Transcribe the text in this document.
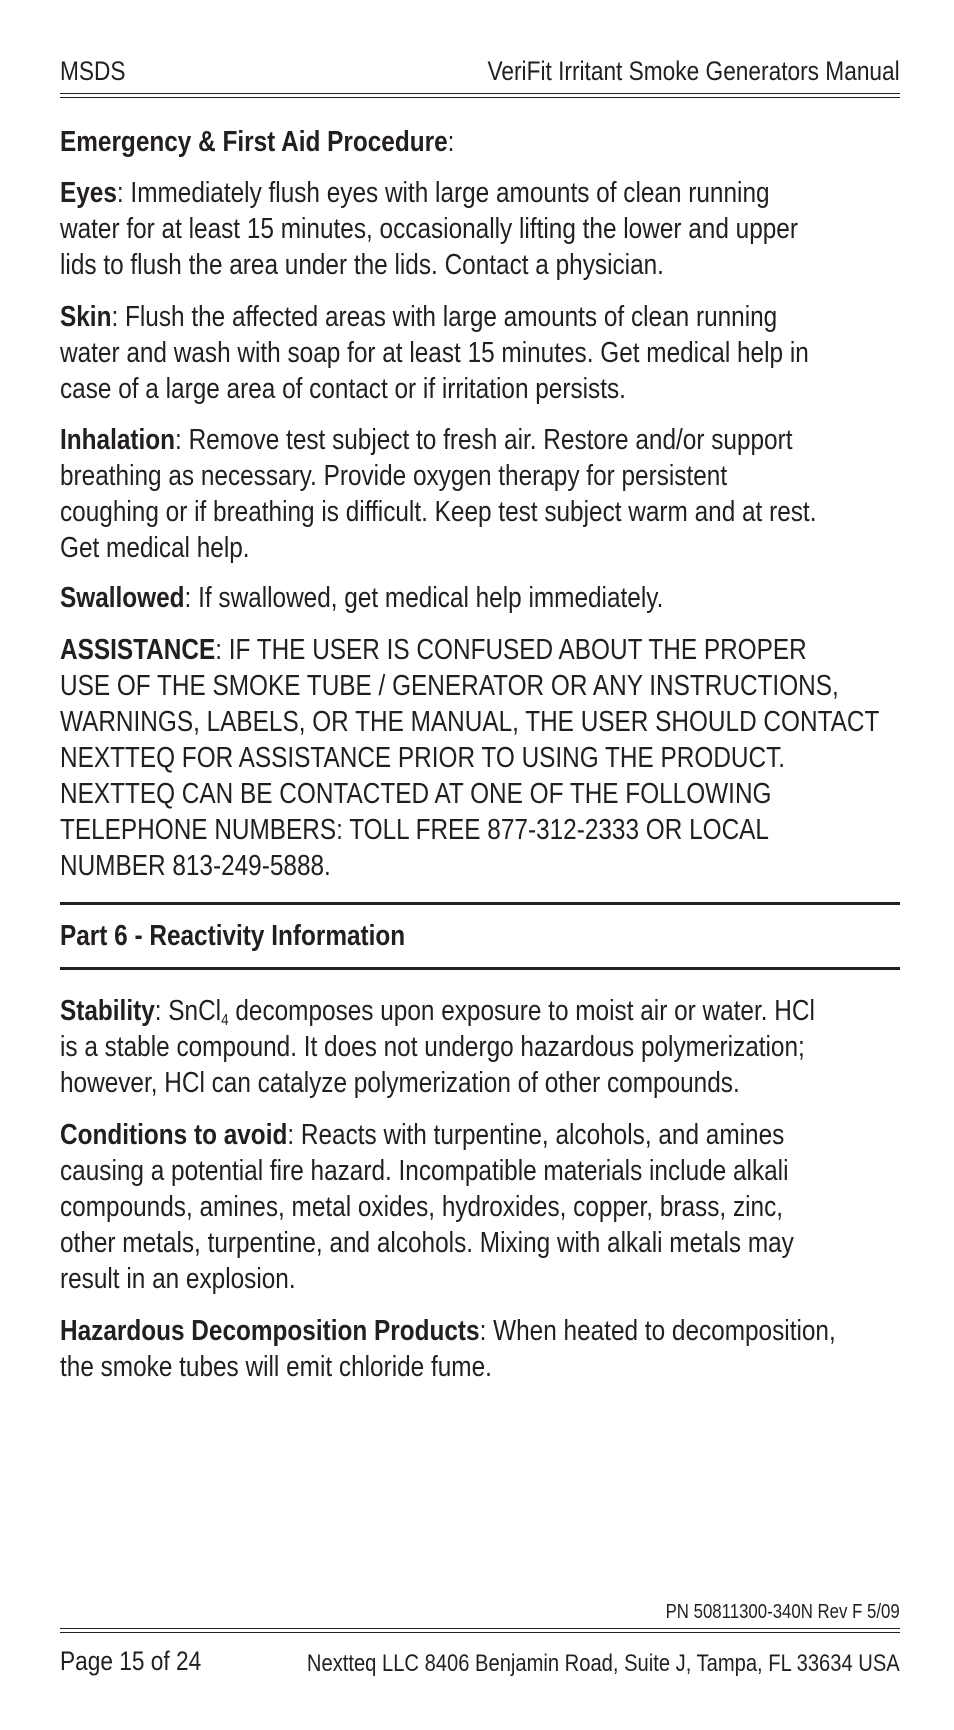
MSDS	VeriFit Irritant Smoke Generators Manual
Emergency & First Aid Procedure:
Eyes: Immediately flush eyes with large amounts of clean running
water for at least 15 minutes, occasionally lifting the lower and upper
lids to flush the area under the lids. Contact a physician.
Skin: Flush the affected areas with large amounts of clean running
water and wash with soap for at least 15 minutes. Get medical help in
case of a large area of contact or if irritation persists.
Inhalation: Remove test subject to fresh air. Restore and/or support
breathing as necessary. Provide oxygen therapy for persistent
coughing or if breathing is difficult. Keep test subject warm and at rest.
Get medical help.
Swallowed: If swallowed, get medical help immediately.
ASSISTANCE: IF THE USER IS CONFUSED ABOUT THE PROPER
USE OF THE SMOKE TUBE / GENERATOR OR ANY INSTRUCTIONS,
WARNINGS, LABELS, OR THE MANUAL, THE USER SHOULD CONTACT
NEXTTEQ FOR ASSISTANCE PRIOR TO USING THE PRODUCT.
NEXTTEQ CAN BE CONTACTED AT ONE OF THE FOLLOWING
TELEPHONE NUMBERS: TOLL FREE 877-312-2333 OR LOCAL
NUMBER 813-249-5888.
Part 6 - Reactivity Information
Stability: SnCl$_4$ decomposes upon exposure to moist air or water. HCl
is a stable compound. It does not undergo hazardous polymerization;
however, HCl can catalyze polymerization of other compounds.
Conditions to avoid: Reacts with turpentine, alcohols, and amines
causing a potential fire hazard. Incompatible materials include alkali
compounds, amines, metal oxides, hydroxides, copper, brass, zinc,
other metals, turpentine, and alcohols. Mixing with alkali metals may
result in an explosion.
Hazardous Decomposition Products: When heated to decomposition,
the smoke tubes will emit chloride fume.
PN 50811300-340N Rev F 5/09
Page 15 of 24	Nextteq LLC 8406 Benjamin Road, Suite J, Tampa, FL 33634 USA
